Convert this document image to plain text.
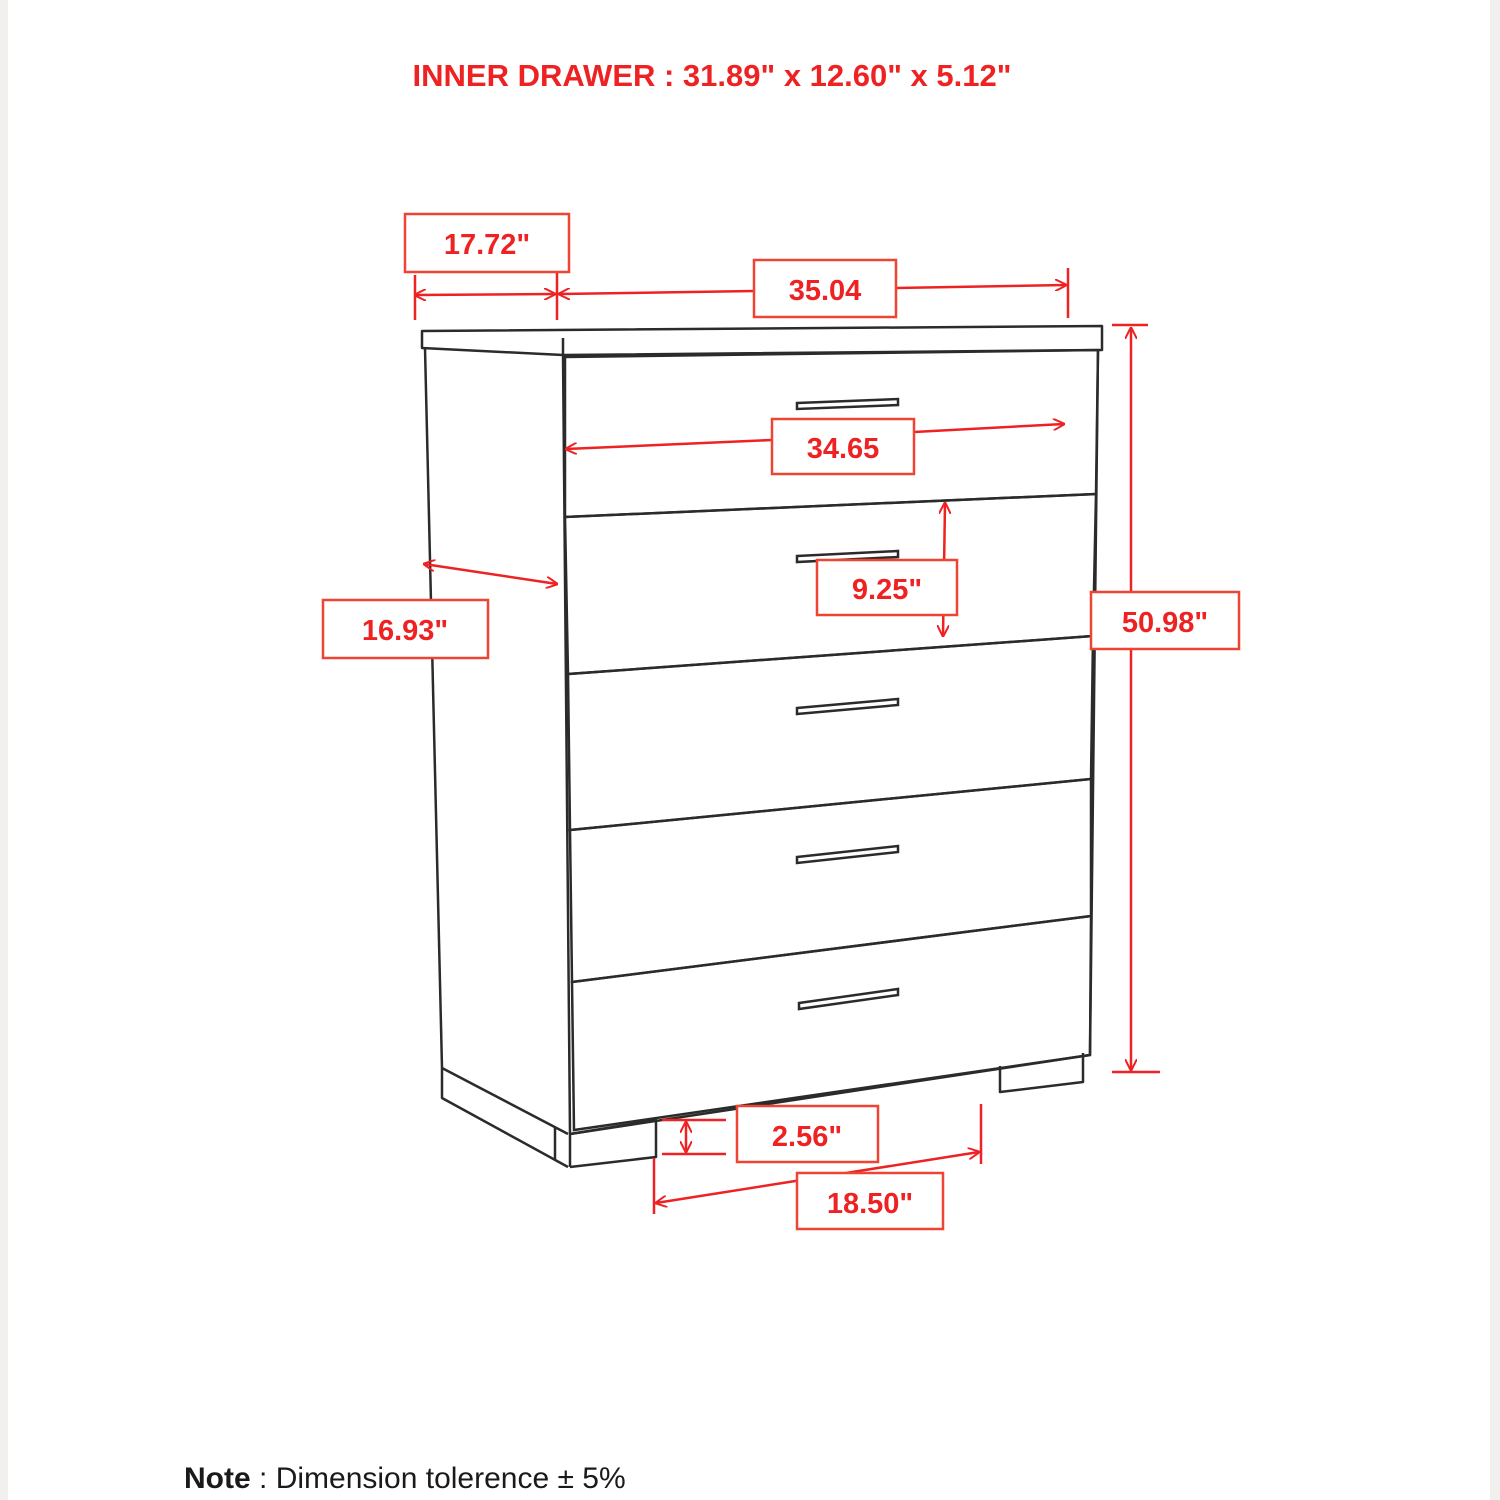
INNER DRAWER : 31.89" x 12.60" x 5.12"
17.72"
35.04
34.65
16.93"
9.25"
50.98"
2.56"
18.50"
Note : Dimension tolerence ± 5%
